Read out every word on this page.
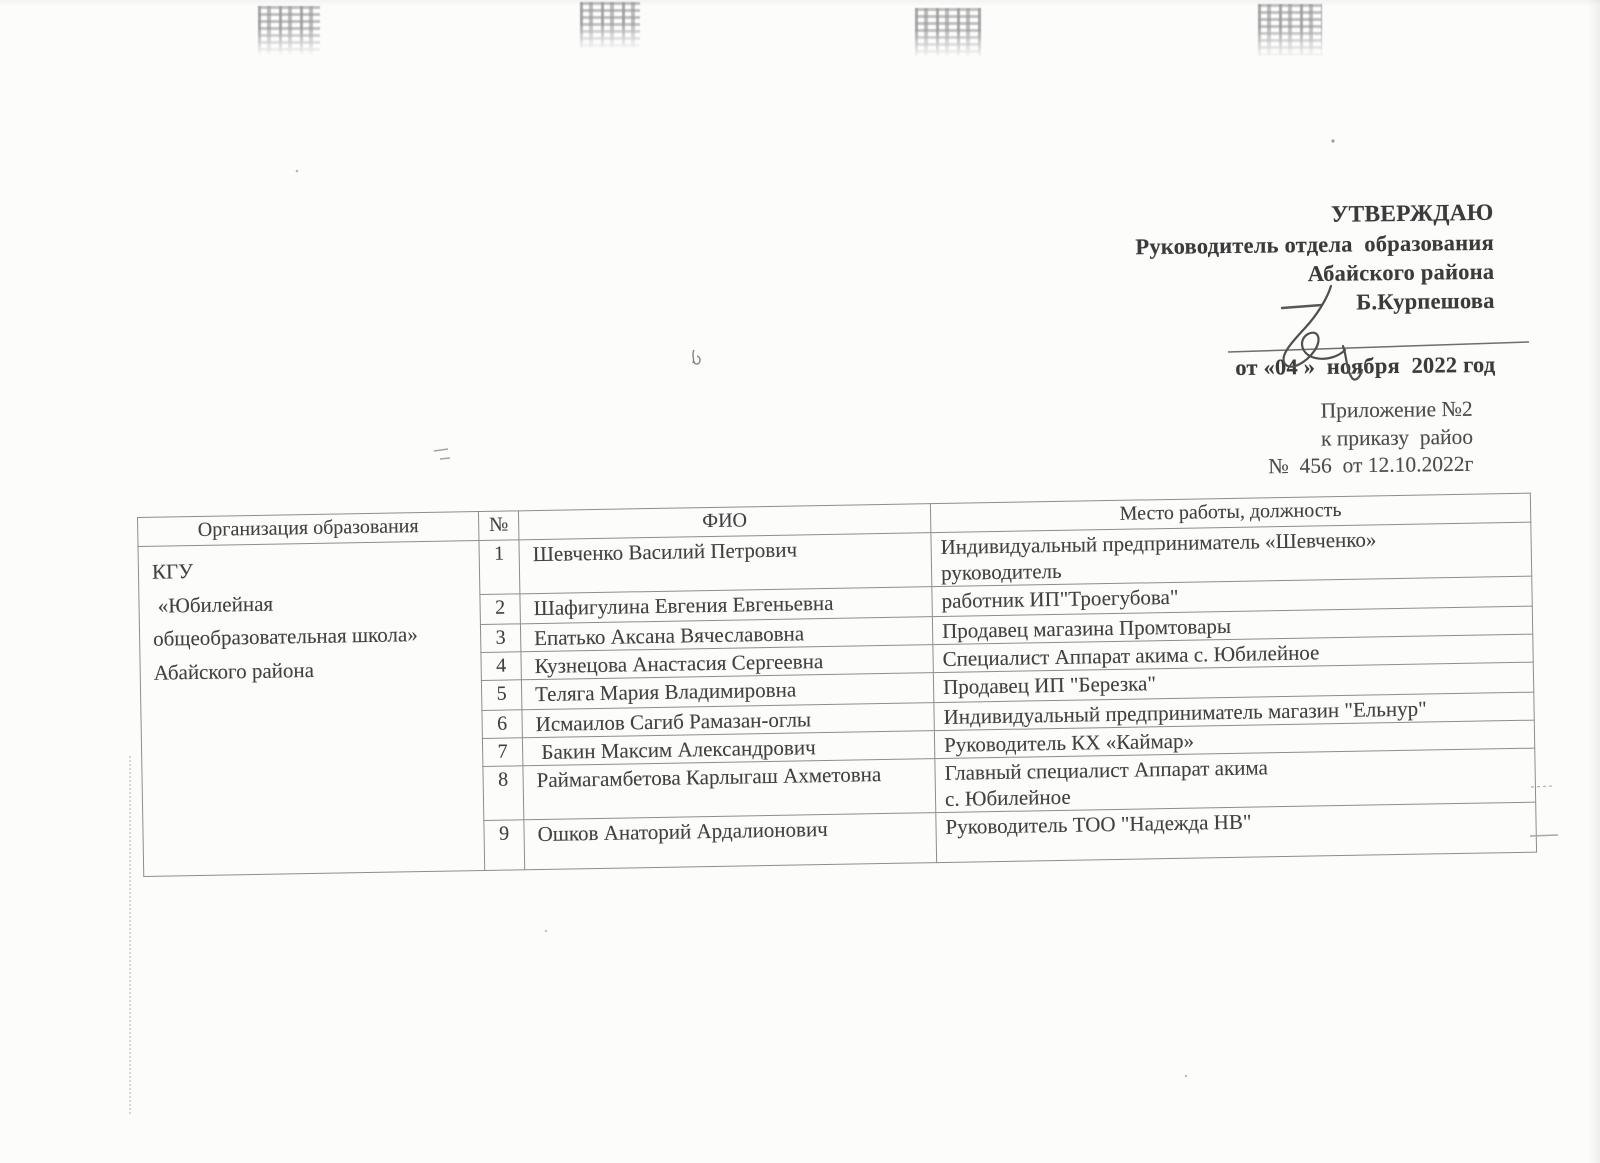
УТВЕРЖДАЮ
Руководитель отдела  образования
Абайского района
Б.Курпешова
от «04 »  ноября  2022 год
Приложение №2
к приказу  райоо
№  456  от 12.10.2022г
Организация образования	№	ФИО	Место работы, должность

КГУ
«Юбилейная
общеобразовательная школа»
Абайского района
	1	Шевченко Василий Петрович	Индивидуальный предприниматель «Шевченко»
руководитель
	2	Шафигулина Евгения Евгеньевна	работник ИП"Троегубова"
	3	Епатько Аксана Вячеславовна	Продавец магазина Промтовары
	4	Кузнецова Анастасия Сергеевна	Специалист Аппарат акима с. Юбилейное
	5	Теляга Мария Владимировна	Продавец ИП "Березка"
	6	Исмаилов Сагиб Рамазан-оглы	Индивидуальный предприниматель магазин "Ельнур"
	7	Бакин Максим Александрович	Руководитель КХ «Каймар»
	8	Раймагамбетова Карлыгаш Ахметовна	Главный специалист Аппарат акима
с. Юбилейное
	9	Ошков Анаторий Ардалионович	Руководитель ТОО "Надежда НВ"
